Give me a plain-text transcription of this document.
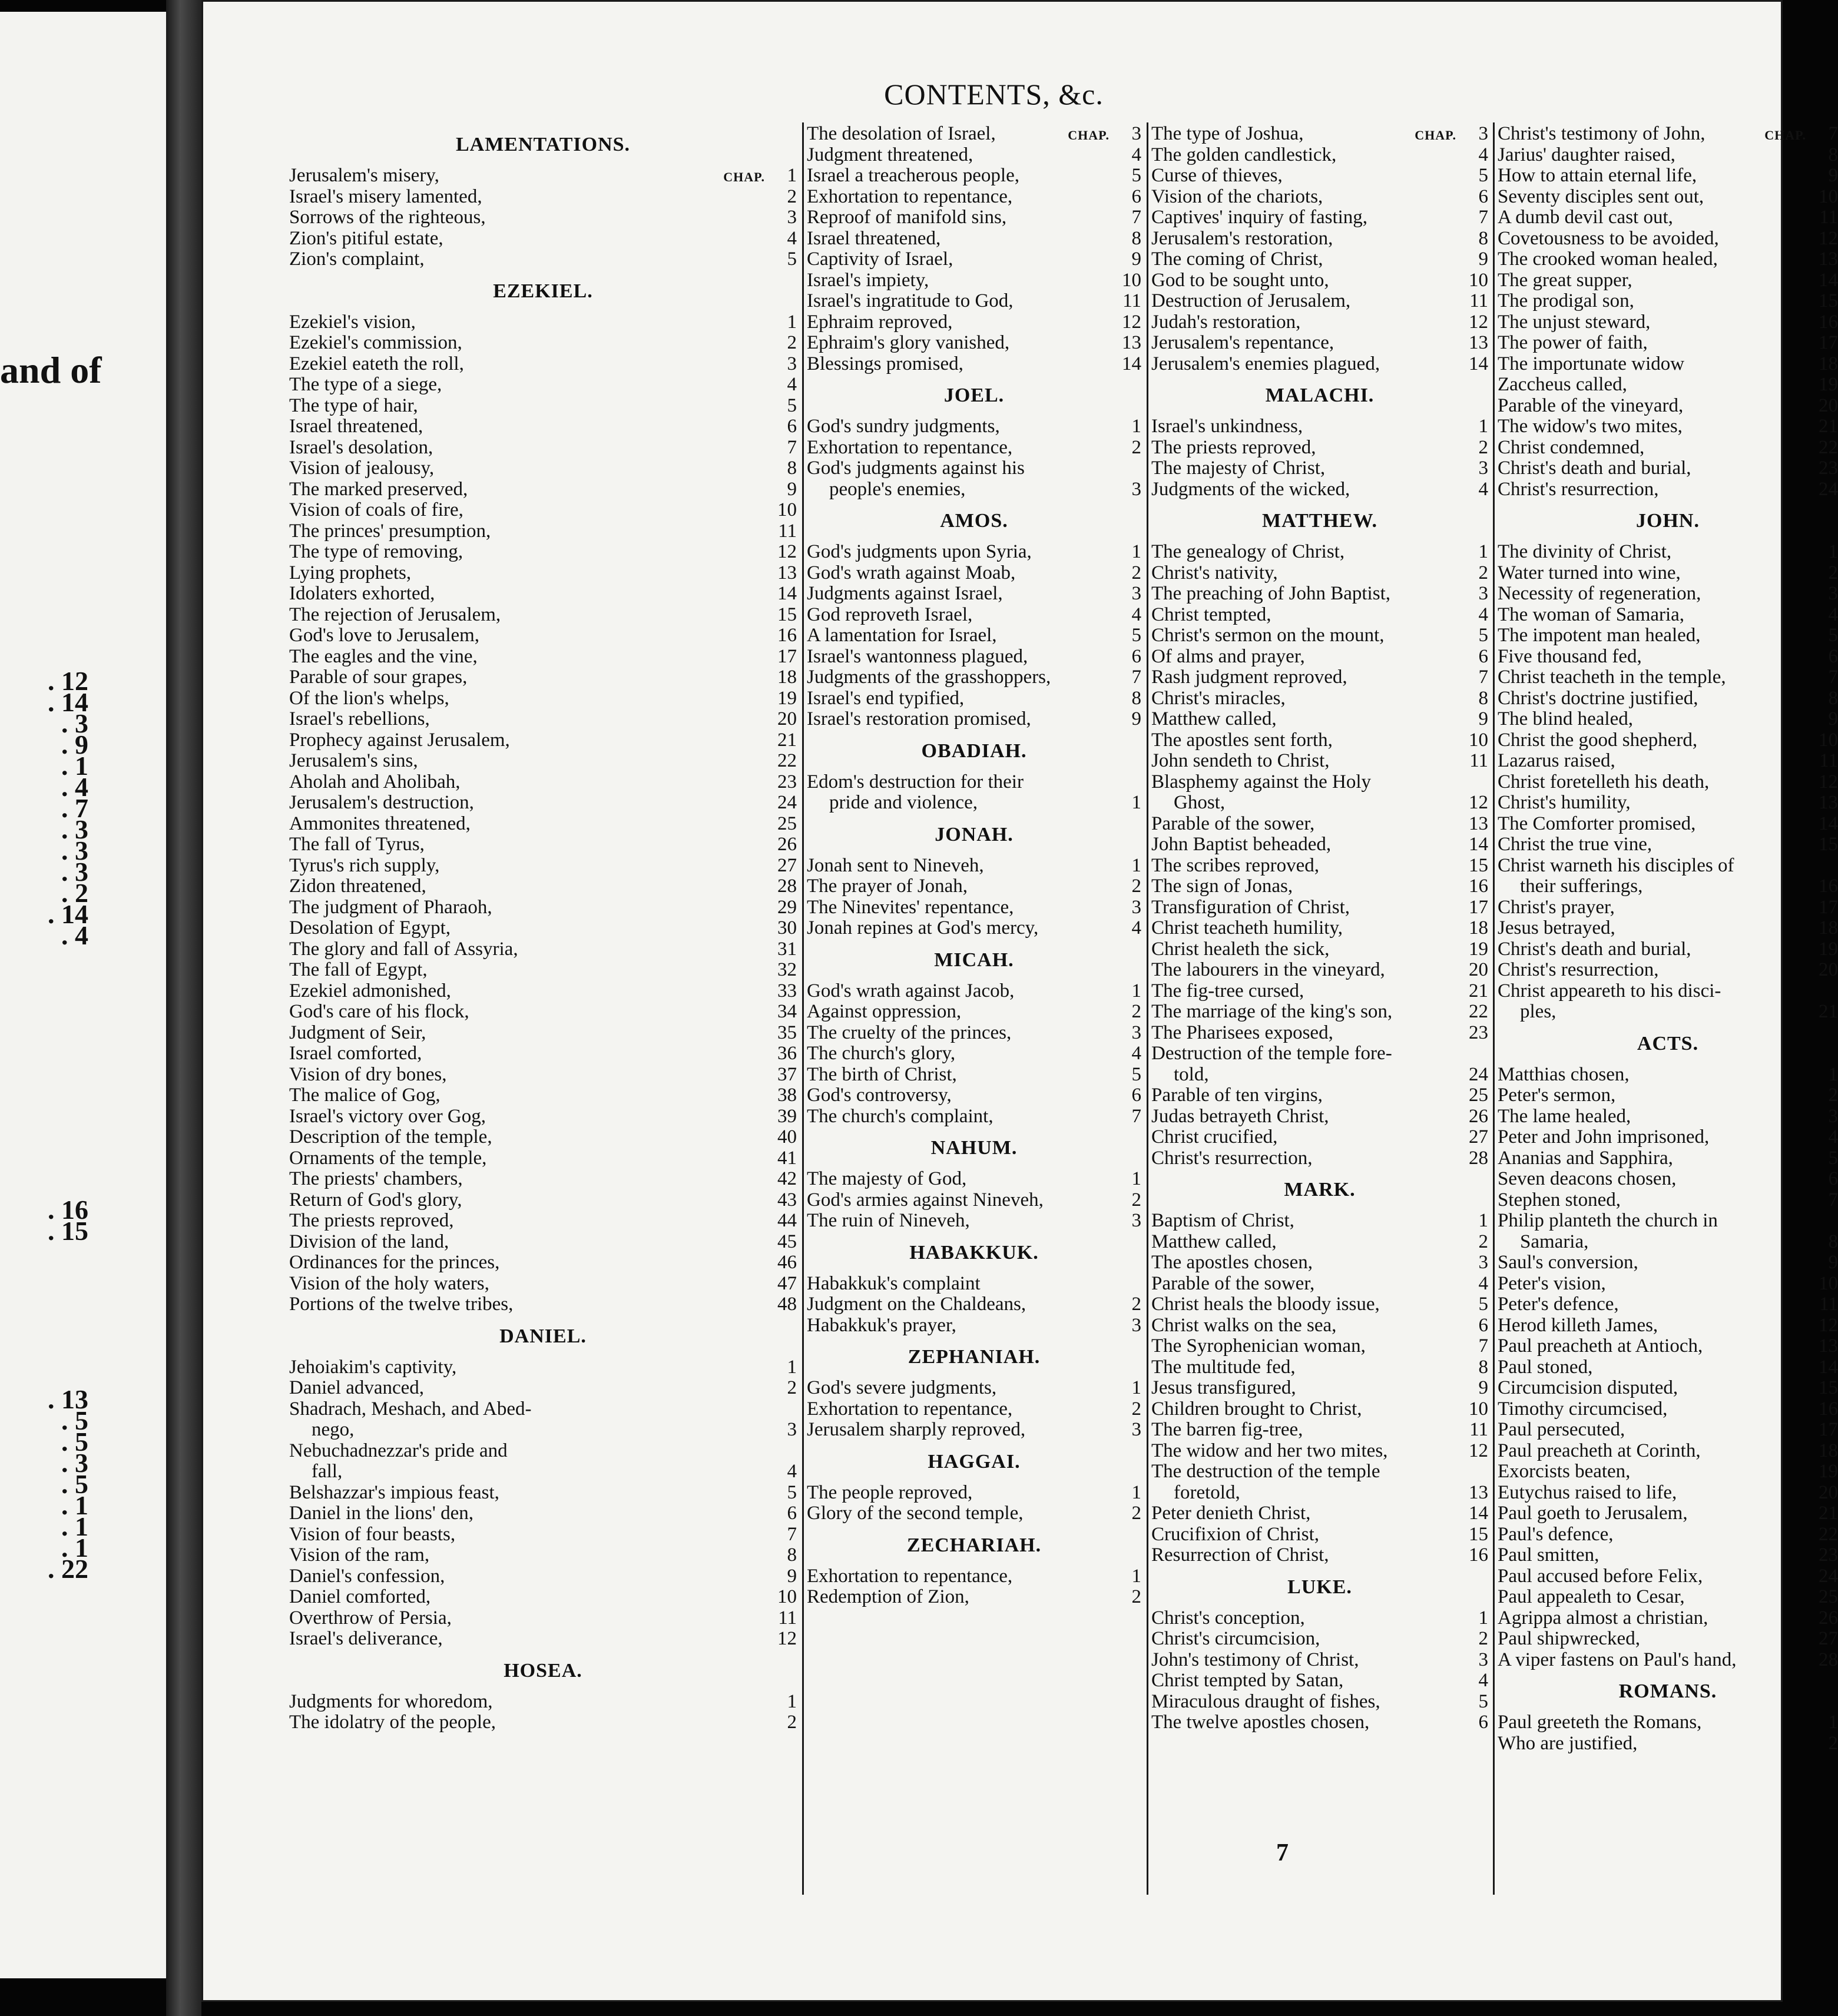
and of
. 12
. 14
. 3
. 9
. 1
. 4
. 7
. 3
. 3
. 3
. 2
. 14
. 4
. 16
. 15
. 13
. 5
. 5
. 3
. 5
. 1
. 1
. 1
. 22
CONTENTS, &c.
LAMENTATIONS.
Jerusalem's misery,	CHAP.	1
Israel's misery lamented,	2
Sorrows of the righteous,	3
Zion's pitiful estate,	4
Zion's complaint,	5
EZEKIEL.
Ezekiel's vision,	1
Ezekiel's commission,	2
Ezekiel eateth the roll,	3
The type of a siege,	4
The type of hair,	5
Israel threatened,	6
Israel's desolation,	7
Vision of jealousy,	8
The marked preserved,	9
Vision of coals of fire,	10
The princes' presumption,	11
The type of removing,	12
Lying prophets,	13
Idolaters exhorted,	14
The rejection of Jerusalem,	15
God's love to Jerusalem,	16
The eagles and the vine,	17
Parable of sour grapes,	18
Of the lion's whelps,	19
Israel's rebellions,	20
Prophecy against Jerusalem,	21
Jerusalem's sins,	22
Aholah and Aholibah,	23
Jerusalem's destruction,	24
Ammonites threatened,	25
The fall of Tyrus,	26
Tyrus's rich supply,	27
Zidon threatened,	28
The judgment of Pharaoh,	29
Desolation of Egypt,	30
The glory and fall of Assyria,	31
The fall of Egypt,	32
Ezekiel admonished,	33
God's care of his flock,	34
Judgment of Seir,	35
Israel comforted,	36
Vision of dry bones,	37
The malice of Gog,	38
Israel's victory over Gog,	39
Description of the temple,	40
Ornaments of the temple,	41
The priests' chambers,	42
Return of God's glory,	43
The priests reproved,	44
Division of the land,	45
Ordinances for the princes,	46
Vision of the holy waters,	47
Portions of the twelve tribes,	48
DANIEL.
Jehoiakim's captivity,	1
Daniel advanced,	2
Shadrach, Meshach, and Abed-
nego,	3
Nebuchadnezzar's pride and
fall,	4
Belshazzar's impious feast,	5
Daniel in the lions' den,	6
Vision of four beasts,	7
Vision of the ram,	8
Daniel's confession,	9
Daniel comforted,	10
Overthrow of Persia,	11
Israel's deliverance,	12
HOSEA.
Judgments for whoredom,	1
The idolatry of the people,	2
The desolation of Israel,	CHAP.	3
Judgment threatened,	4
Israel a treacherous people,	5
Exhortation to repentance,	6
Reproof of manifold sins,	7
Israel threatened,	8
Captivity of Israel,	9
Israel's impiety,	10
Israel's ingratitude to God,	11
Ephraim reproved,	12
Ephraim's glory vanished,	13
Blessings promised,	14
JOEL.
God's sundry judgments,	1
Exhortation to repentance,	2
God's judgments against his
people's enemies,	3
AMOS.
God's judgments upon Syria,	1
God's wrath against Moab,	2
Judgments against Israel,	3
God reproveth Israel,	4
A lamentation for Israel,	5
Israel's wantonness plagued,	6
Judgments of the grasshoppers,	7
Israel's end typified,	8
Israel's restoration promised,	9
OBADIAH.
Edom's destruction for their
pride and violence,	1
JONAH.
Jonah sent to Nineveh,	1
The prayer of Jonah,	2
The Ninevites' repentance,	3
Jonah repines at God's mercy,	4
MICAH.
God's wrath against Jacob,	1
Against oppression,	2
The cruelty of the princes,	3
The church's glory,	4
The birth of Christ,	5
God's controversy,	6
The church's complaint,	7
NAHUM.
The majesty of God,	1
God's armies against Nineveh,	2
The ruin of Nineveh,	3
HABAKKUK.
Habakkuk's complaint
Judgment on the Chaldeans,	2
Habakkuk's prayer,	3
ZEPHANIAH.
God's severe judgments,	1
Exhortation to repentance,	2
Jerusalem sharply reproved,	3
HAGGAI.
The people reproved,	1
Glory of the second temple,	2
ZECHARIAH.
Exhortation to repentance,	1
Redemption of Zion,	2
The type of Joshua,	CHAP.	3
The golden candlestick,	4
Curse of thieves,	5
Vision of the chariots,	6
Captives' inquiry of fasting,	7
Jerusalem's restoration,	8
The coming of Christ,	9
God to be sought unto,	10
Destruction of Jerusalem,	11
Judah's restoration,	12
Jerusalem's repentance,	13
Jerusalem's enemies plagued,	14
MALACHI.
Israel's unkindness,	1
The priests reproved,	2
The majesty of Christ,	3
Judgments of the wicked,	4
MATTHEW.
The genealogy of Christ,	1
Christ's nativity,	2
The preaching of John Baptist,	3
Christ tempted,	4
Christ's sermon on the mount,	5
Of alms and prayer,	6
Rash judgment reproved,	7
Christ's miracles,	8
Matthew called,	9
The apostles sent forth,	10
John sendeth to Christ,	11
Blasphemy against the Holy
Ghost,	12
Parable of the sower,	13
John Baptist beheaded,	14
The scribes reproved,	15
The sign of Jonas,	16
Transfiguration of Christ,	17
Christ teacheth humility,	18
Christ healeth the sick,	19
The labourers in the vineyard,	20
The fig-tree cursed,	21
The marriage of the king's son,	22
The Pharisees exposed,	23
Destruction of the temple fore-
told,	24
Parable of ten virgins,	25
Judas betrayeth Christ,	26
Christ crucified,	27
Christ's resurrection,	28
MARK.
Baptism of Christ,	1
Matthew called,	2
The apostles chosen,	3
Parable of the sower,	4
Christ heals the bloody issue,	5
Christ walks on the sea,	6
The Syrophenician woman,	7
The multitude fed,	8
Jesus transfigured,	9
Children brought to Christ,	10
The barren fig-tree,	11
The widow and her two mites,	12
The destruction of the temple
foretold,	13
Peter denieth Christ,	14
Crucifixion of Christ,	15
Resurrection of Christ,	16
LUKE.
Christ's conception,	1
Christ's circumcision,	2
John's testimony of Christ,	3
Christ tempted by Satan,	4
Miraculous draught of fishes,	5
The twelve apostles chosen,	6
Christ's testimony of John,	CHAP.	7
Jarius' daughter raised,	8
How to attain eternal life,	9
Seventy disciples sent out,	10
A dumb devil cast out,	11
Covetousness to be avoided,	12
The crooked woman healed,	13
The great supper,	14
The prodigal son,	15
The unjust steward,	16
The power of faith,	17
The importunate widow	18
Zaccheus called,	19
Parable of the vineyard,	20
The widow's two mites,	21
Christ condemned,	22
Christ's death and burial,	23
Christ's resurrection,	24
JOHN.
The divinity of Christ,	1
Water turned into wine,	2
Necessity of regeneration,	3
The woman of Samaria,	4
The impotent man healed,	5
Five thousand fed,	6
Christ teacheth in the temple,	7
Christ's doctrine justified,	8
The blind healed,	9
Christ the good shepherd,	10
Lazarus raised,	11
Christ foretelleth his death,	12
Christ's humility,	13
The Comforter promised,	14
Christ the true vine,	15
Christ warneth his disciples of
their sufferings,	16
Christ's prayer,	17
Jesus betrayed,	18
Christ's death and burial,	19
Christ's resurrection,	20
Christ appeareth to his disci-
ples,	21
ACTS.
Matthias chosen,	1
Peter's sermon,	2
The lame healed,	3
Peter and John imprisoned,	4
Ananias and Sapphira,	5
Seven deacons chosen,	6
Stephen stoned,	7
Philip planteth the church in
Samaria,	8
Saul's conversion,	9
Peter's vision,	10
Peter's defence,	11
Herod killeth James,	12
Paul preacheth at Antioch,	13
Paul stoned,	14
Circumcision disputed,	15
Timothy circumcised,	16
Paul persecuted,	17
Paul preacheth at Corinth,	18
Exorcists beaten,	19
Eutychus raised to life,	20
Paul goeth to Jerusalem,	21
Paul's defence,	22
Paul smitten,	23
Paul accused before Felix,	24
Paul appealeth to Cesar,	25
Agrippa almost a christian,	26
Paul shipwrecked,	27
A viper fastens on Paul's hand,	28
ROMANS.
Paul greeteth the Romans,	1
Who are justified,	2
7
